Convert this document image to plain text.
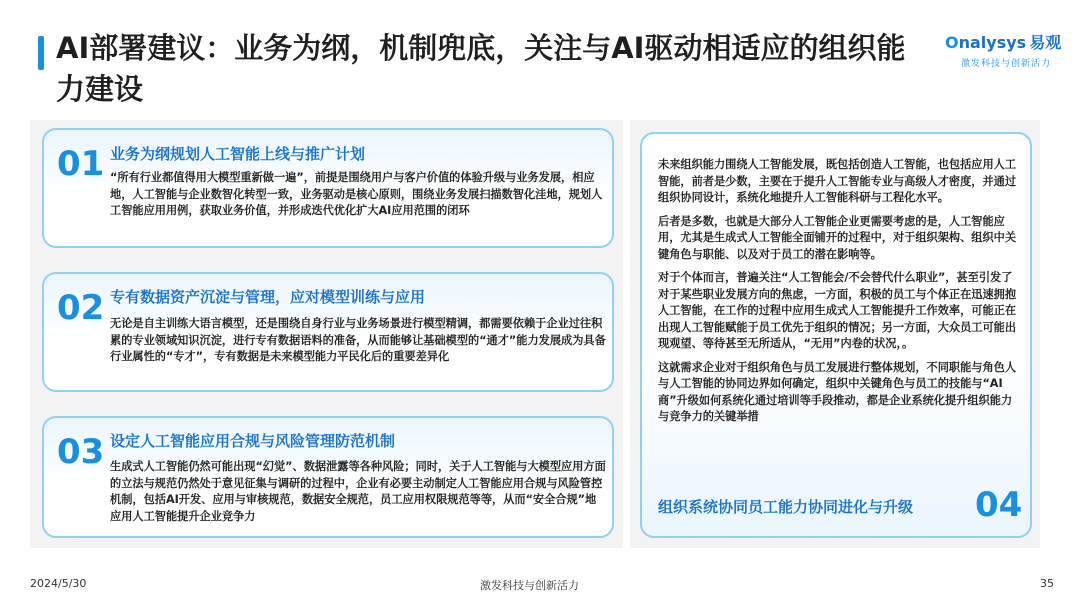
AI部署建议：业务为纲，机制兜底，关注与AI驱动相适应的组织能力建设
Onalysys 易观
激发科技与创新活力
01 业务为纲规划人工智能上线与推广计划
“所有行业都值得用大模型重新做一遍”，前提是围绕用户与客户价值的体验升级与业务发展，相应地，人工智能与企业数智化转型一致，业务驱动是核心原则，围绕业务发展扫描数智化洼地，规划人工智能应用用例，获取业务价值，并形成迭代优化扩大AI应用范围的闭环
02 专有数据资产沉淀与管理，应对模型训练与应用
无论是自主训练大语言模型，还是围绕自身行业与业务场景进行模型精调，都需要依赖于企业过往积累的专业领域知识沉淀，进行专有数据语料的准备，从而能够让基础模型的“通才”能力发展成为具备行业属性的“专才”，专有数据是未来模型能力平民化后的重要差异化
03 设定人工智能应用合规与风险管理防范机制
生成式人工智能仍然可能出现“幻觉”、数据泄露等各种风险；同时，关于人工智能与大模型应用方面的立法与规范仍然处于意见征集与调研的过程中，企业有必要主动制定人工智能应用合规与风险管控机制，包括AI开发、应用与审核规范，数据安全规范，员工应用权限规范等等，从而“安全合规”地应用人工智能提升企业竞争力

未来组织能力围绕人工智能发展，既包括创造人工智能，也包括应用人工智能，前者是少数，主要在于提升人工智能专业与高级人才密度，并通过组织协同设计，系统化地提升人工智能科研与工程化水平。

后者是多数，也就是大部分人工智能企业更需要考虑的是，人工智能应用，尤其是生成式人工智能全面铺开的过程中，对于组织架构、组织中关键角色与职能、以及对于员工的潜在影响等。

对于个体而言，普遍关注“人工智能会/不会替代什么职业”，甚至引发了对于某些职业发展方向的焦虑，一方面，积极的员工与个体正在迅速拥抱人工智能，在工作的过程中应用生成式人工智能提升工作效率，可能正在出现人工智能赋能于员工优先于组织的情况；另一方面，大众员工可能出现观望、等待甚至无所适从，“无用”内卷的状况，。

这就需求企业对于组织角色与员工发展进行整体规划，不同职能与角色人与人工智能的协同边界如何确定，组织中关键角色与员工的技能与“AI商”升级如何系统化通过培训等手段推动，都是企业系统化提升组织能力与竞争力的关键举措

组织系统协同员工能力协同进化与升级 04
2024/5/30	激发科技与创新活力	35
